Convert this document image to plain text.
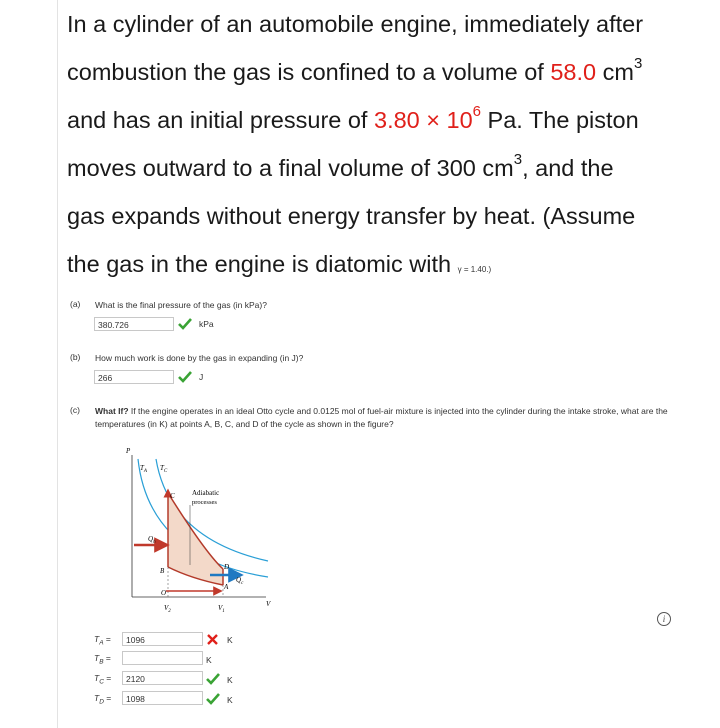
In a cylinder of an automobile engine, immediately after
combustion the gas is confined to a volume of 58.0 $cm^3$
and has an initial pressure of $3.80 \times 10^6$ Pa. The piston
moves outward to a final volume of 300 $cm^3$, and the
gas expands without energy transfer by heat. (Assume
the gas in the engine is diatomic with γ = 1.40.)
(a) What is the final pressure of the gas (in kPa)?
380.726	kPa
(b) How much work is done by the gas in expanding (in J)?
266	J
(c) What If? If the engine operates in an ideal Otto cycle and 0.0125 mol of fuel-air mixture is injected into the cylinder during the intake stroke, what are the temperatures (in K) at points A, B, C, and D of the cycle as shown in the figure?
P
V
$T_A$ $T_C$
Adiabatic
processes
C
B	D
A
O
$Q_h$
$Q_c$
$V_2$	$V_1$
i
$T_A$ =	1096	K
$T_B$ =	K
$T_C$ =	2120	K
$T_D$ =	1098	K
